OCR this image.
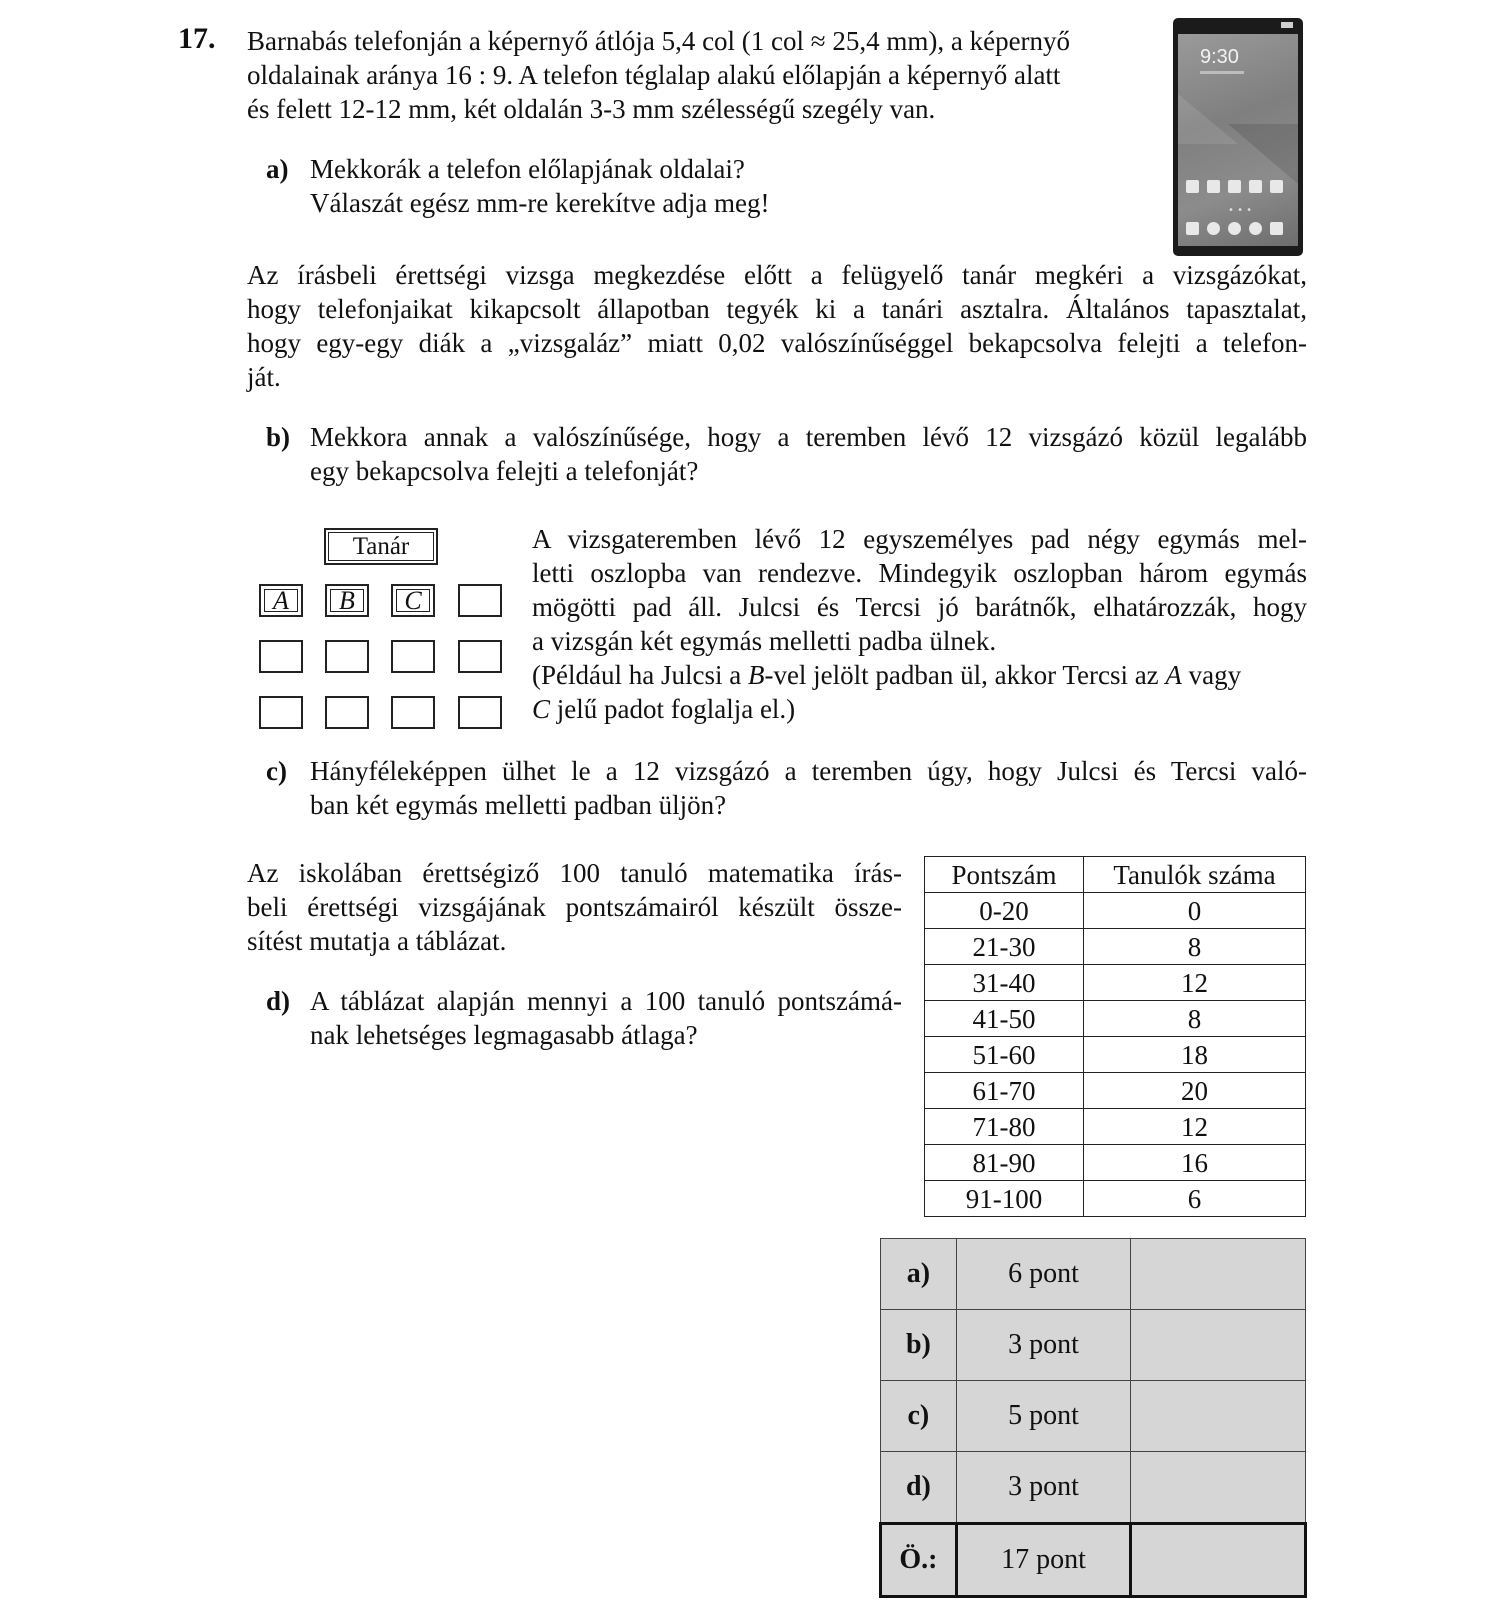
17. Barnabás telefonján a képernyő átlója 5,4 col (1 col ≈ 25,4 mm), a képernyő
oldalainak aránya 16 : 9. A telefon téglalap alakú előlapján a képernyő alatt
és felett 12-12 mm, két oldalán 3-3 mm szélességű szegély van.
a) Mekkorák a telefon előlapjának oldalai?
Válaszát egész mm-re kerekítve adja meg!
9:30
• • •
Az írásbeli érettségi vizsga megkezdése előtt a felügyelő tanár megkéri a vizsgázókat,
hogy telefonjaikat kikapcsolt állapotban tegyék ki a tanári asztalra. Általános tapasztalat,
hogy egy-egy diák a „vizsgaláz” miatt 0,02 valószínűséggel bekapcsolva felejti a telefon-
ját.
b) Mekkora annak a valószínűsége, hogy a teremben lévő 12 vizsgázó közül legalább
egy bekapcsolva felejti a telefonját?
Tanár
A	B	C
A vizsgateremben lévő 12 egyszemélyes pad négy egymás mel-
letti oszlopba van rendezve. Mindegyik oszlopban három egymás
mögötti pad áll. Julcsi és Tercsi jó barátnők, elhatározzák, hogy
a vizsgán két egymás melletti padba ülnek.
(Például ha Julcsi a B-vel jelölt padban ül, akkor Tercsi az A vagy
C jelű padot foglalja el.)
c) Hányféleképpen ülhet le a 12 vizsgázó a teremben úgy, hogy Julcsi és Tercsi való-
ban két egymás melletti padban üljön?
Az iskolában érettségiző 100 tanuló matematika írás-
beli érettségi vizsgájának pontszámairól készült össze-
sítést mutatja a táblázat.
d) A táblázat alapján mennyi a 100 tanuló pontszámá-
nak lehetséges legmagasabb átlaga?
Pontszám	Tanulók száma
0-20	0
21-30	8
31-40	12
41-50	8
51-60	18
61-70	20
71-80	12
81-90	16
91-100	6
a)	6 pont	
b)	3 pont	
c)	5 pont	
d)	3 pont	
Ö.:	17 pont	
